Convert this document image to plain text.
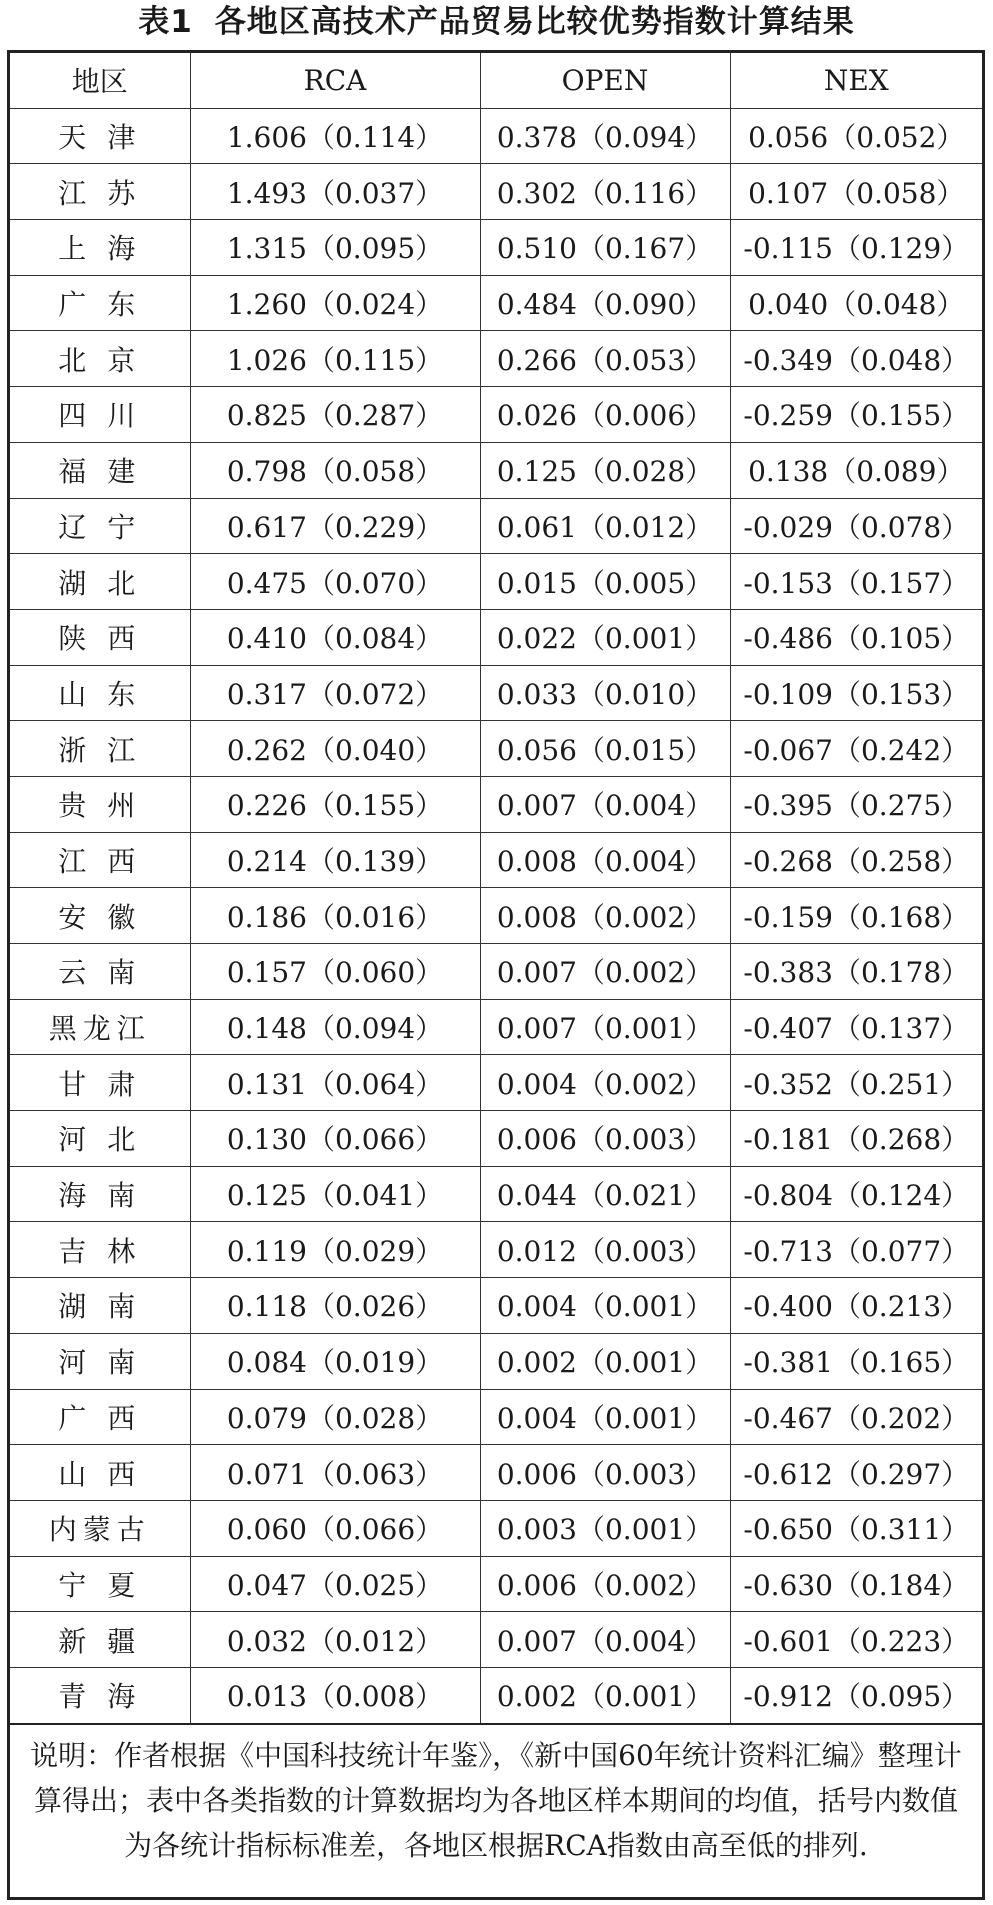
表1 各地区高技术产品贸易比较优势指数计算结果
地区	RCA	OPEN	NEX
天 津	1.606（0.114）	0.378（0.094）	0.056（0.052）
江 苏	1.493（0.037）	0.302（0.116）	0.107（0.058）
上 海	1.315（0.095）	0.510（0.167）	-0.115（0.129）
广 东	1.260（0.024）	0.484（0.090）	0.040（0.048）
北 京	1.026（0.115）	0.266（0.053）	-0.349（0.048）
四 川	0.825（0.287）	0.026（0.006）	-0.259（0.155）
福 建	0.798（0.058）	0.125（0.028）	0.138（0.089）
辽 宁	0.617（0.229）	0.061（0.012）	-0.029（0.078）
湖 北	0.475（0.070）	0.015（0.005）	-0.153（0.157）
陕 西	0.410（0.084）	0.022（0.001）	-0.486（0.105）
山 东	0.317（0.072）	0.033（0.010）	-0.109（0.153）
浙 江	0.262（0.040）	0.056（0.015）	-0.067（0.242）
贵 州	0.226（0.155）	0.007（0.004）	-0.395（0.275）
江 西	0.214（0.139）	0.008（0.004）	-0.268（0.258）
安 徽	0.186（0.016）	0.008（0.002）	-0.159（0.168）
云 南	0.157（0.060）	0.007（0.002）	-0.383（0.178）
黑龙江	0.148（0.094）	0.007（0.001）	-0.407（0.137）
甘 肃	0.131（0.064）	0.004（0.002）	-0.352（0.251）
河 北	0.130（0.066）	0.006（0.003）	-0.181（0.268）
海 南	0.125（0.041）	0.044（0.021）	-0.804（0.124）
吉 林	0.119（0.029）	0.012（0.003）	-0.713（0.077）
湖 南	0.118（0.026）	0.004（0.001）	-0.400（0.213）
河 南	0.084（0.019）	0.002（0.001）	-0.381（0.165）
广 西	0.079（0.028）	0.004（0.001）	-0.467（0.202）
山 西	0.071（0.063）	0.006（0.003）	-0.612（0.297）
内蒙古	0.060（0.066）	0.003（0.001）	-0.650（0.311）
宁 夏	0.047（0.025）	0.006（0.002）	-0.630（0.184）
新 疆	0.032（0.012）	0.007（0.004）	-0.601（0.223）
青 海	0.013（0.008）	0.002（0.001）	-0.912（0.095）
说明：作者根据《中国科技统计年鉴》，《新中国60年统计资料汇编》整理计算得出；表中各类指数的计算数据均为各地区样本期间的均值，括号内数值为各统计指标标准差，各地区根据RCA指数由高至低的排列.
